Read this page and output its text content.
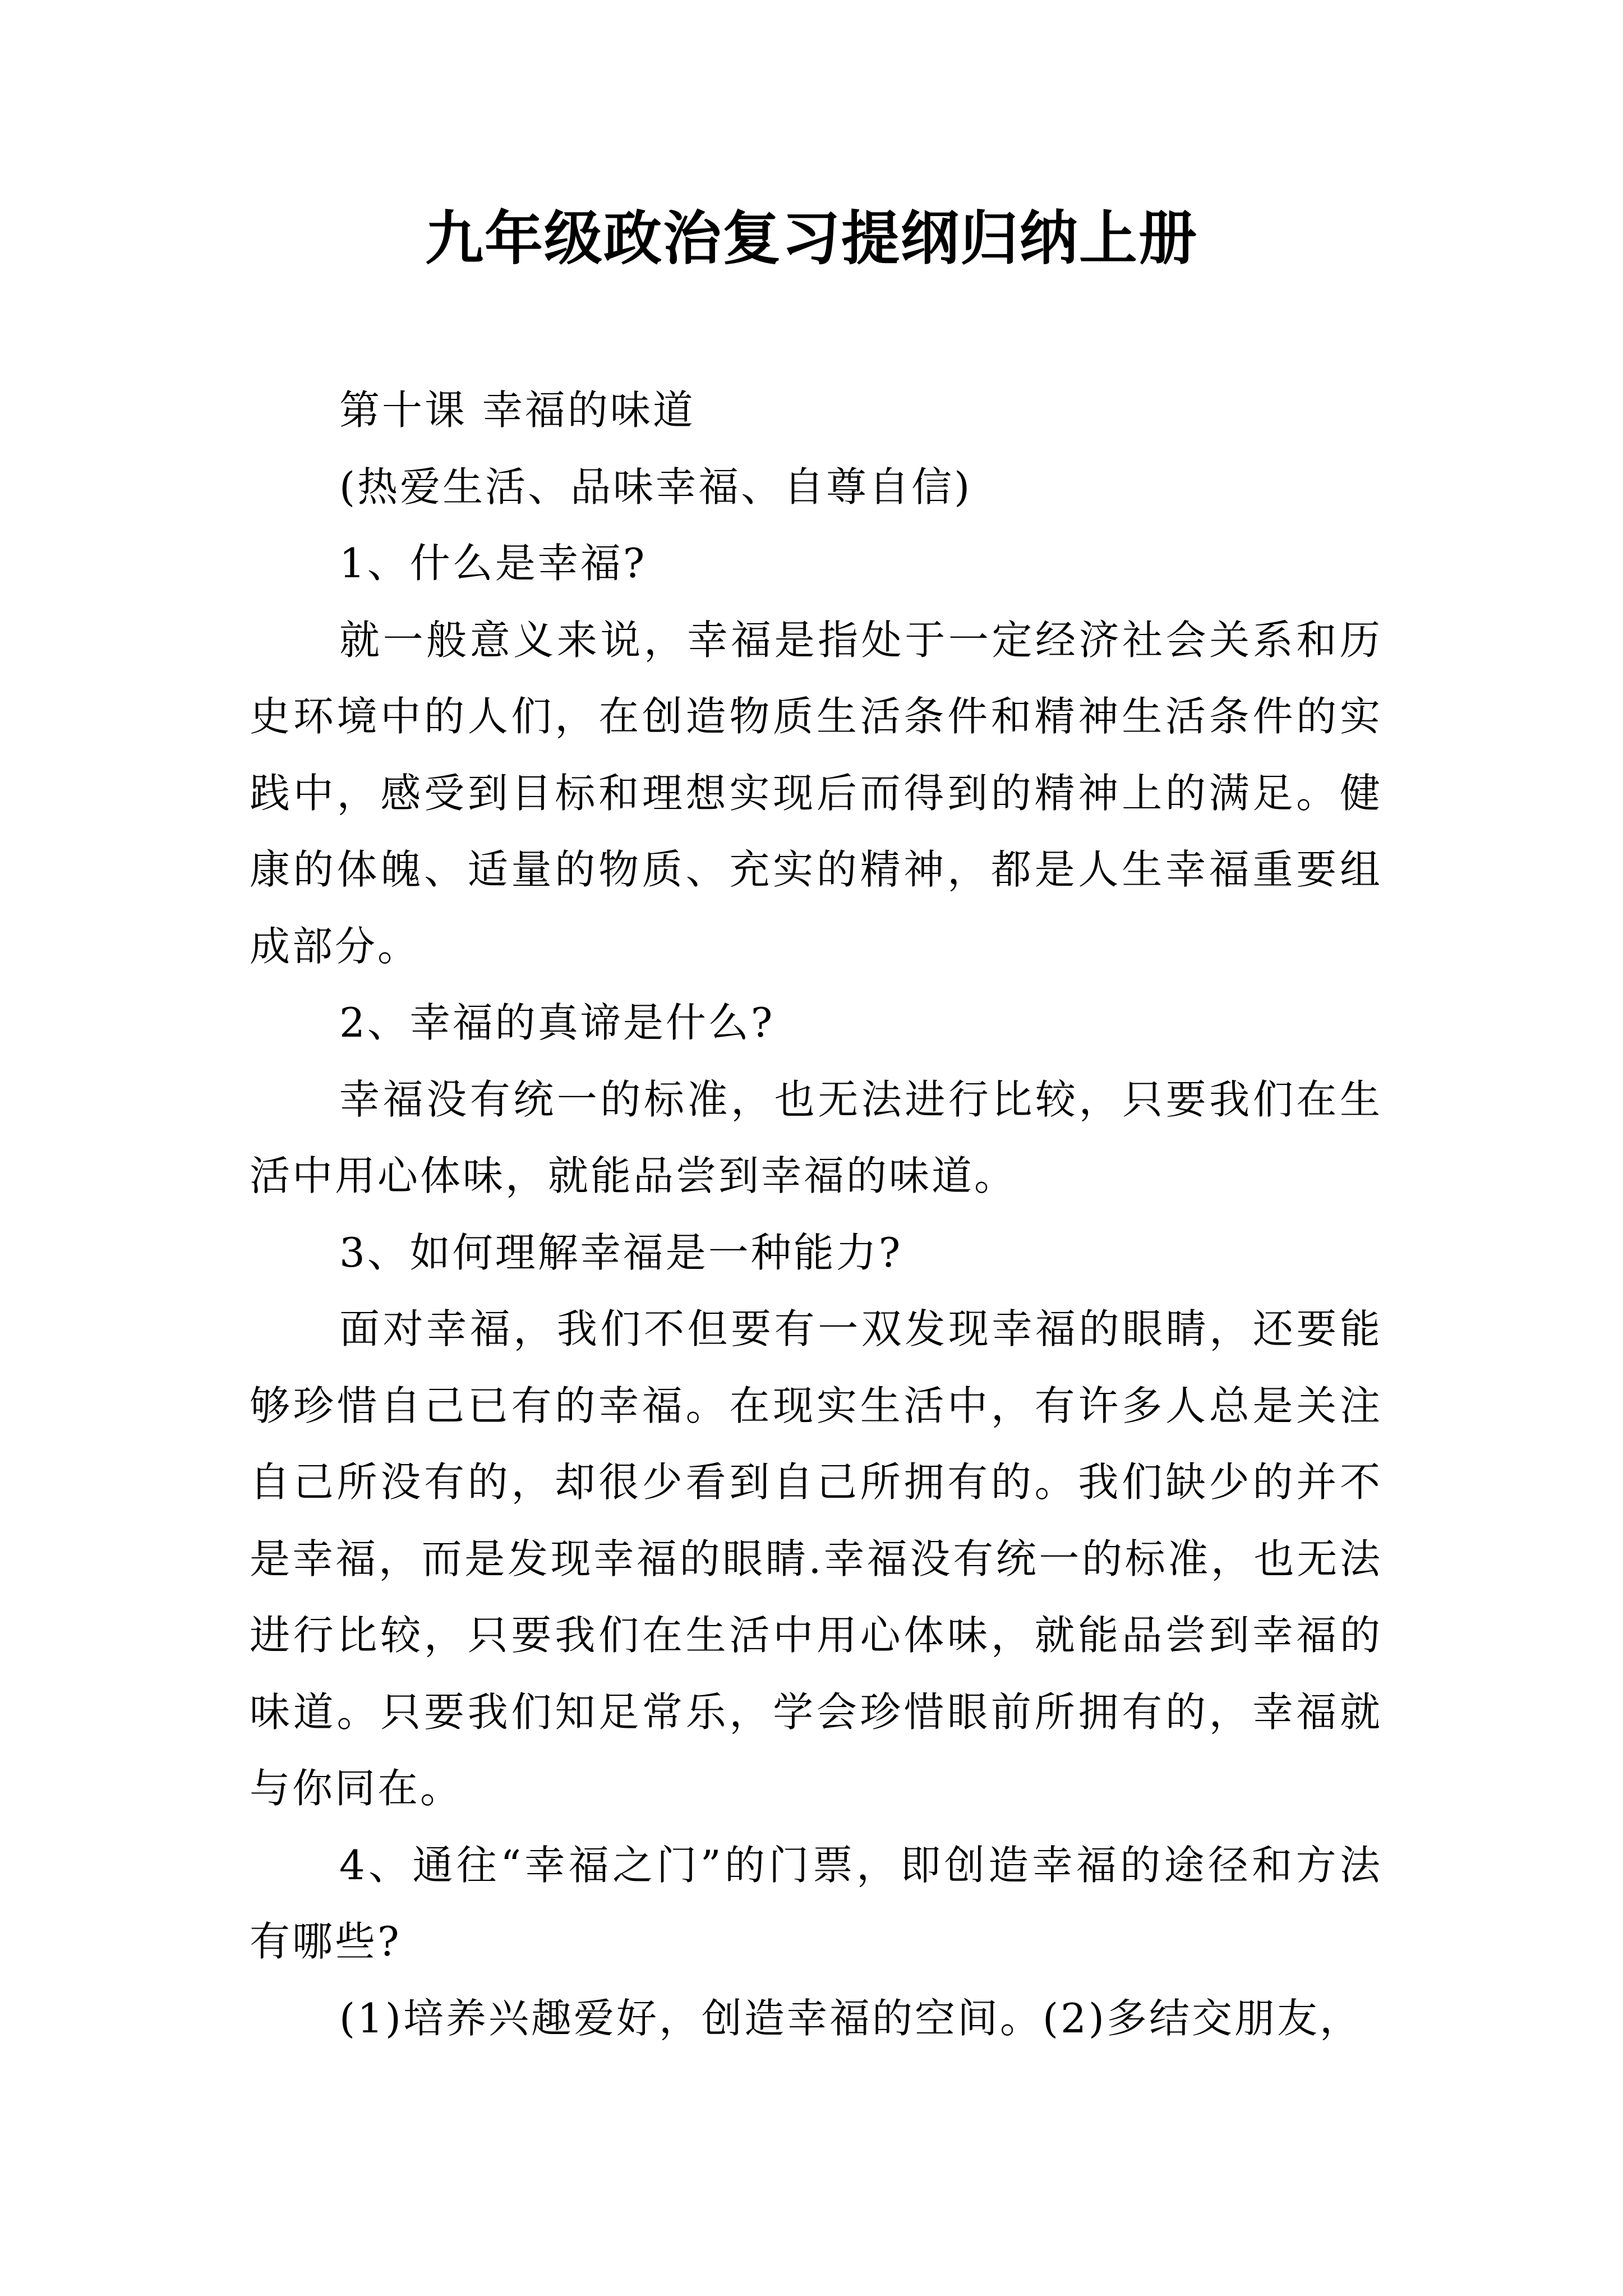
九年级政治复习提纲归纳上册

第十课 幸福的味道

(热爱生活、品味幸福、自尊自信)

1、什么是幸福?

就一般意义来说，幸福是指处于一定经济社会关系和历史环境中的人们，在创造物质生活条件和精神生活条件的实践中，感受到目标和理想实现后而得到的精神上的满足。健康的体魄、适量的物质、充实的精神，都是人生幸福重要组成部分。

2、幸福的真谛是什么?

幸福没有统一的标准，也无法进行比较，只要我们在生活中用心体味，就能品尝到幸福的味道。

3、如何理解幸福是一种能力?

面对幸福，我们不但要有一双发现幸福的眼睛，还要能够珍惜自己已有的幸福。在现实生活中，有许多人总是关注自己所没有的，却很少看到自己所拥有的。我们缺少的并不是幸福，而是发现幸福的眼睛.幸福没有统一的标准，也无法进行比较，只要我们在生活中用心体味，就能品尝到幸福的味道。只要我们知足常乐，学会珍惜眼前所拥有的，幸福就与你同在。

4、通往“幸福之门”的门票，即创造幸福的途径和方法有哪些?

(1)培养兴趣爱好，创造幸福的空间。(2)多结交朋友，
